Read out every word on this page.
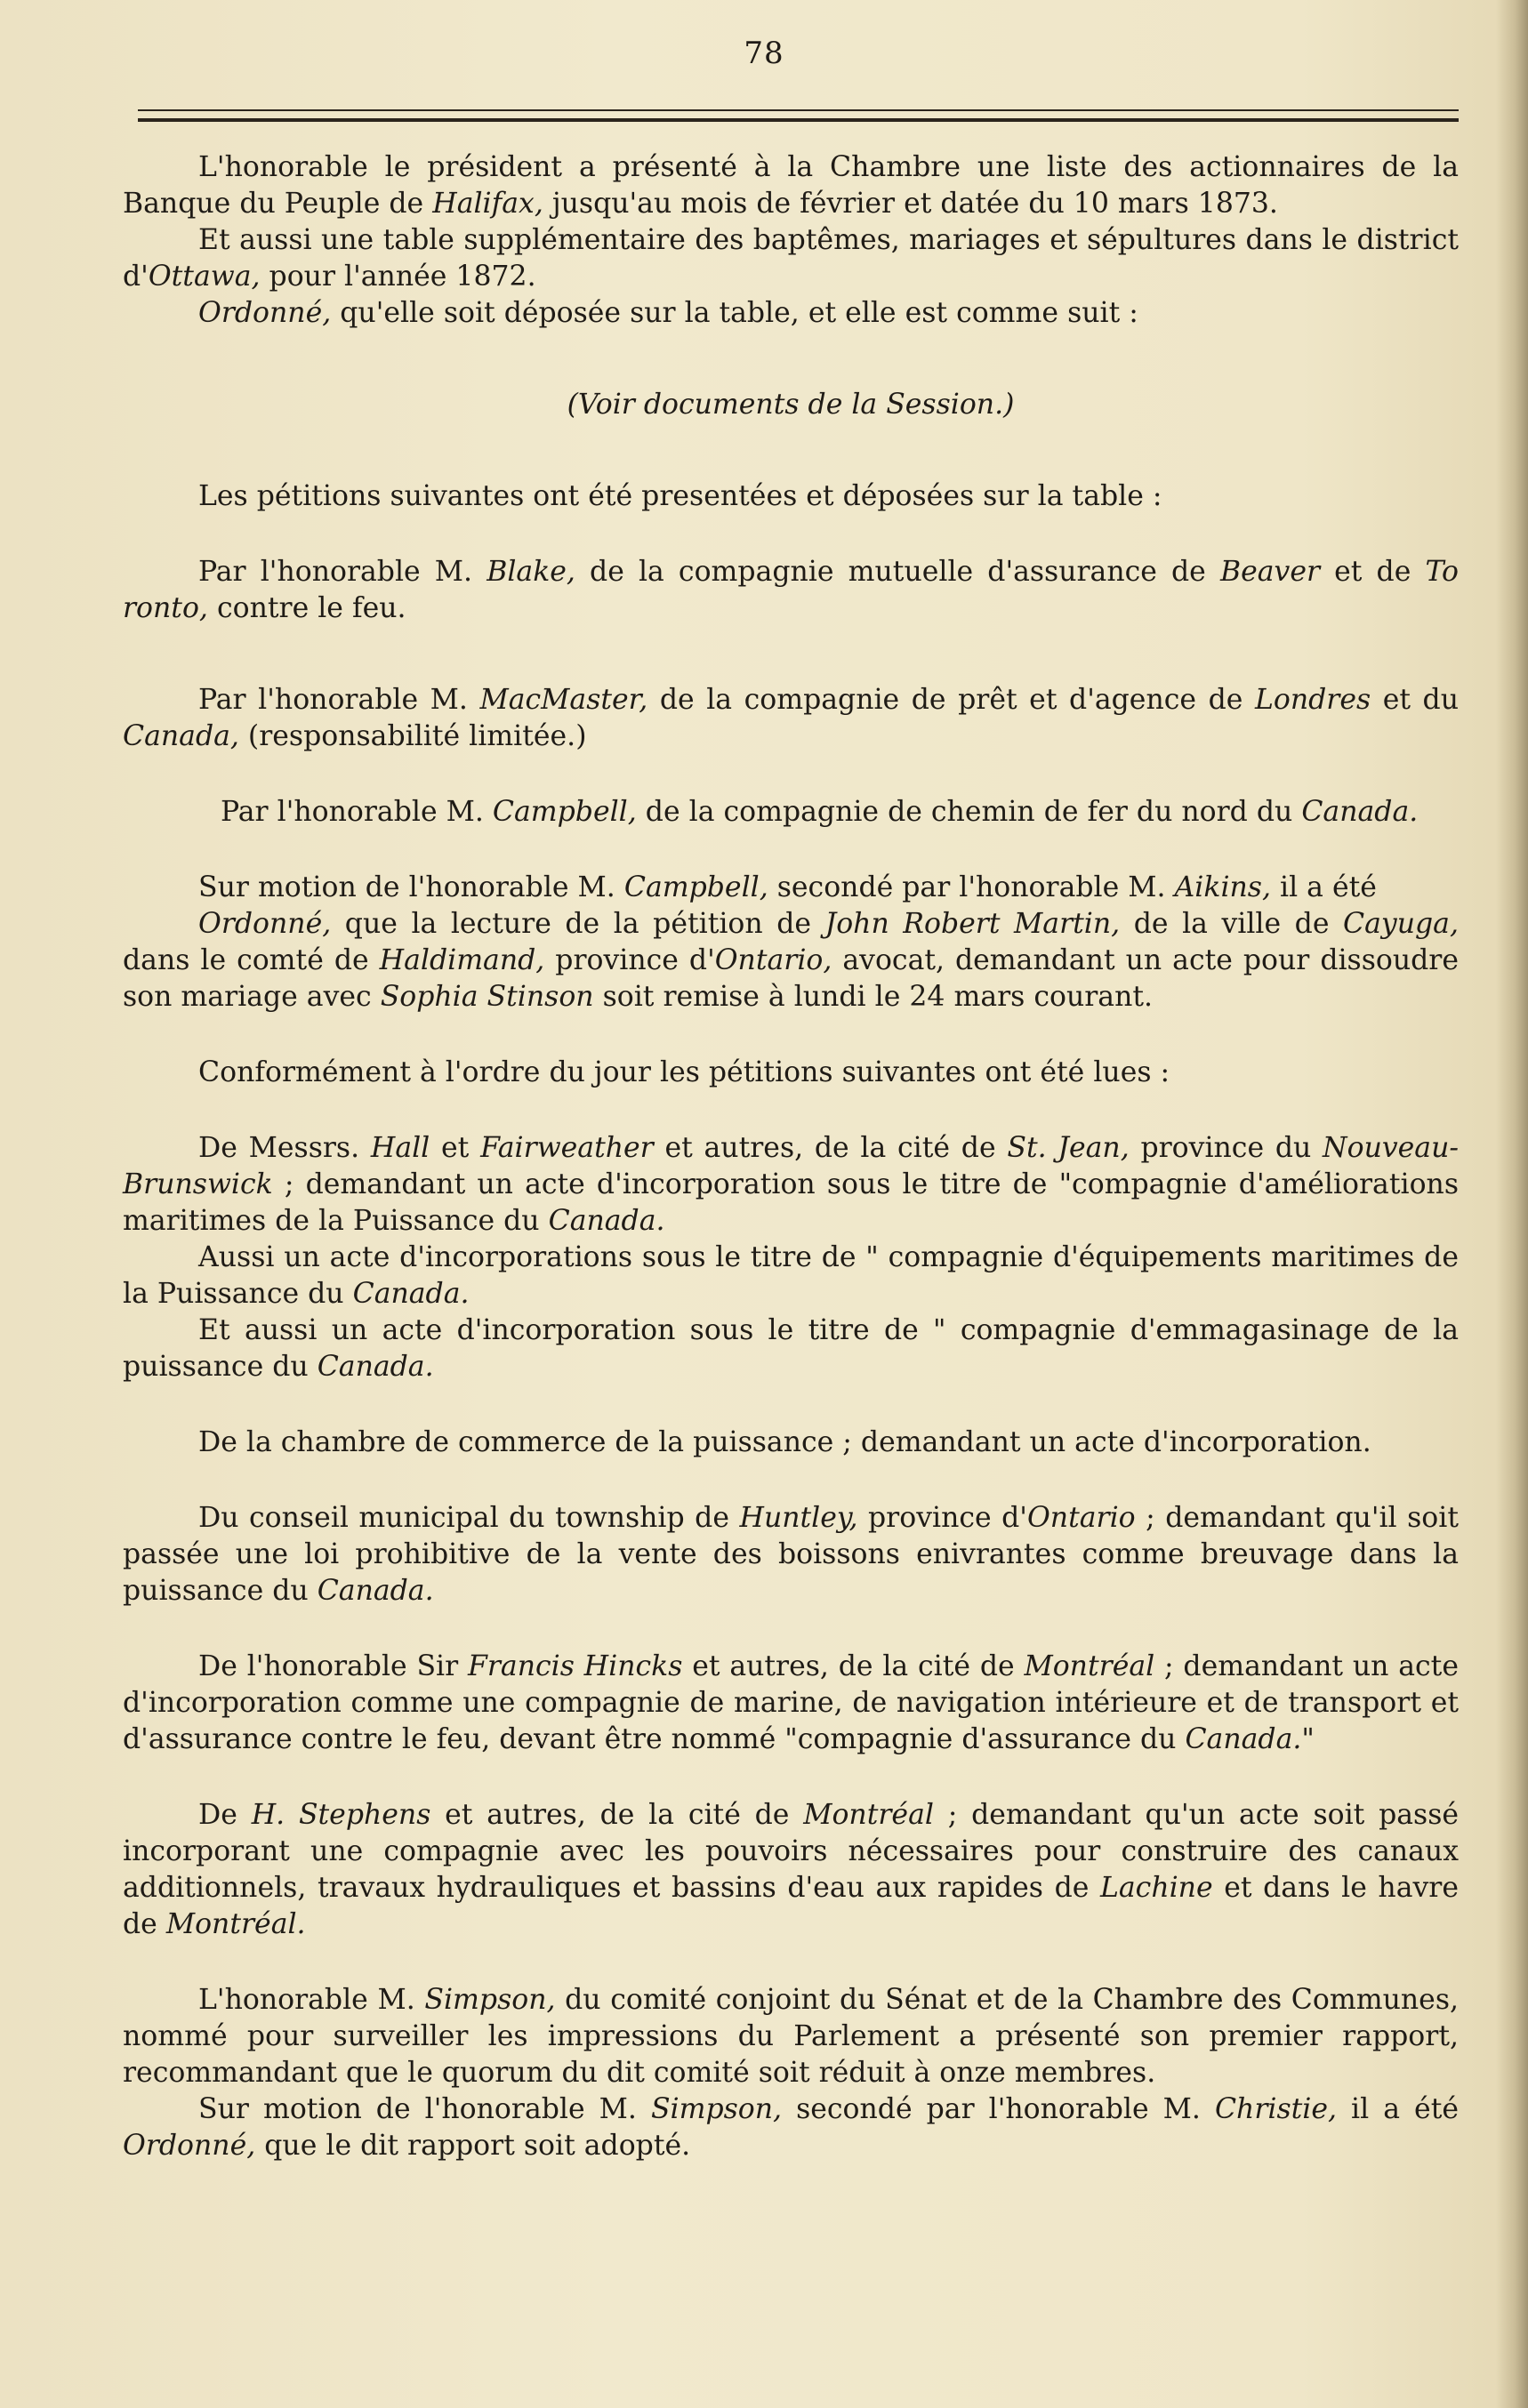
78

L'honorable le président a présenté à la Chambre une liste des actionnaires de la Banque du Peuple de Halifax, jusqu'au mois de février et datée du 10 mars 1873.

Et aussi une table supplémentaire des baptêmes, mariages et sépultures dans le district d'Ottawa, pour l'année 1872.

Ordonné, qu'elle soit déposée sur la table, et elle est comme suit :

(Voir documents de la Session.)

Les pétitions suivantes ont été presentées et déposées sur la table :

Par l'honorable M. Blake, de la compagnie mutuelle d'assurance de Beaver et de To ronto, contre le feu.

Par l'honorable M. MacMaster, de la compagnie de prêt et d'agence de Londres et du Canada, (responsabilité limitée.)

Par l'honorable M. Campbell, de la compagnie de chemin de fer du nord du Canada.

Sur motion de l'honorable M. Campbell, secondé par l'honorable M. Aikins, il a été

Ordonné, que la lecture de la pétition de John Robert Martin, de la ville de Cayuga, dans le comté de Haldimand, province d'Ontario, avocat, demandant un acte pour dissoudre son mariage avec Sophia Stinson soit remise à lundi le 24 mars courant.

Conformément à l'ordre du jour les pétitions suivantes ont été lues :

De Messrs. Hall et Fairweather et autres, de la cité de St. Jean, province du Nouveau-Brunswick ; demandant un acte d'incorporation sous le titre de "compagnie d'améliorations maritimes de la Puissance du Canada.

Aussi un acte d'incorporations sous le titre de " compagnie d'équipements maritimes de la Puissance du Canada.

Et aussi un acte d'incorporation sous le titre de " compagnie d'emmagasinage de la puissance du Canada.

De la chambre de commerce de la puissance ; demandant un acte d'incorporation.

Du conseil municipal du township de Huntley, province d'Ontario ; demandant qu'il soit passée une loi prohibitive de la vente des boissons enivrantes comme breuvage dans la puissance du Canada.

De l'honorable Sir Francis Hincks et autres, de la cité de Montréal ; demandant un acte d'incorporation comme une compagnie de marine, de navigation intérieure et de transport et d'assurance contre le feu, devant être nommé "compagnie d'assurance du Canada."

De H. Stephens et autres, de la cité de Montréal ; demandant qu'un acte soit passé incorporant une compagnie avec les pouvoirs nécessaires pour construire des canaux additionnels, travaux hydrauliques et bassins d'eau aux rapides de Lachine et dans le havre de Montréal.

L'honorable M. Simpson, du comité conjoint du Sénat et de la Chambre des Communes, nommé pour surveiller les impressions du Parlement a présenté son premier rapport, recommandant que le quorum du dit comité soit réduit à onze membres.

Sur motion de l'honorable M. Simpson, secondé par l'honorable M. Christie, il a été Ordonné, que le dit rapport soit adopté.
